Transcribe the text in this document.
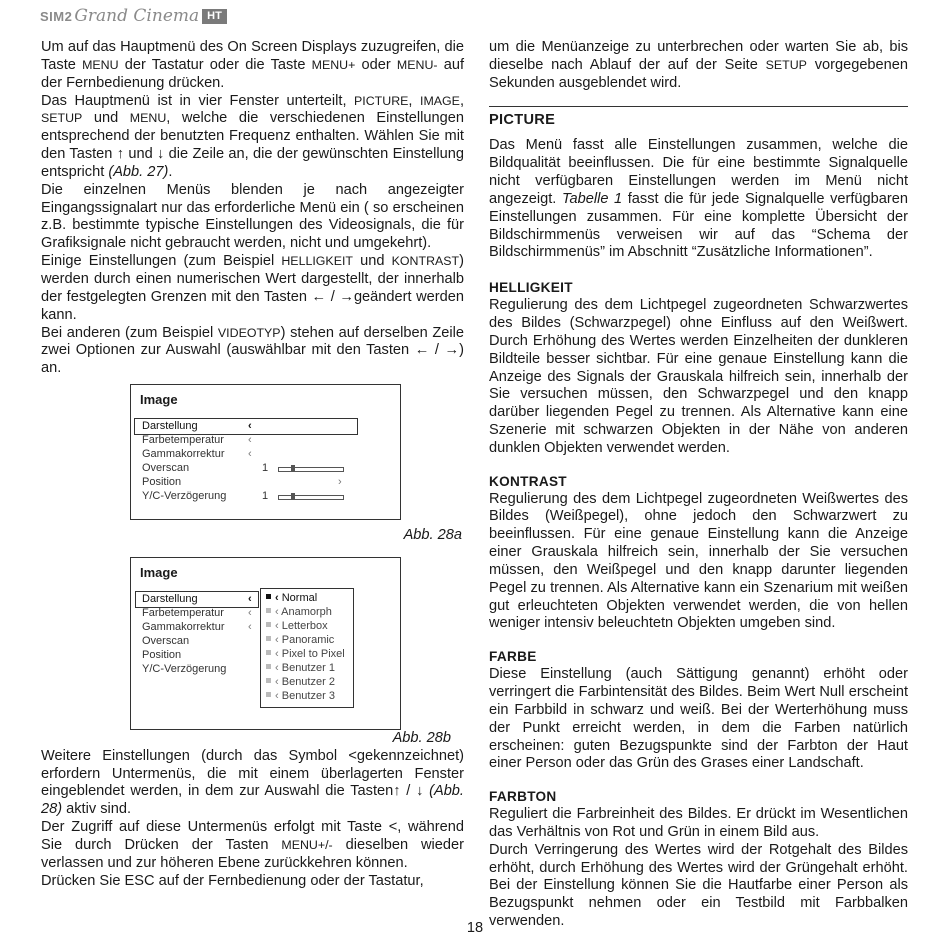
SIM2 Grand Cinema HT

Um auf das Hauptmenü des On Screen Displays zuzugreifen, die Taste MENU der Tastatur oder die Taste MENU+ oder MENU- auf der Fernbedienung drücken.

Das Hauptmenü ist in vier Fenster unterteilt, PICTURE, IMAGE, SETUP und MENU, welche die verschiedenen Einstellungen entsprechend der benutzten Frequenz enthalten. Wählen Sie mit den Tasten ↑ und ↓ die Zeile an, die der gewünschten Einstellung entspricht (Abb. 27).

Die einzelnen Menüs blenden je nach angezeigter Eingangssignalart nur das erforderliche Menü ein ( so erscheinen z.B. bestimmte typische Einstellungen des Videosignals, die für Grafiksignale nicht gebraucht werden, nicht und umgekehrt).

Einige Einstellungen (zum Beispiel HELLIGKEIT und KONTRAST) werden durch einen numerischen Wert dargestellt, der innerhalb der festgelegten Grenzen mit den Tasten ← / →geändert werden kann.

Bei anderen (zum Beispiel VIDEOTYP) stehen auf derselben Zeile zwei Optionen zur Auswahl (auswählbar mit den Tasten ← / →) an.

Image
Darstellung	‹
Farbetemperatur ‹
Gammakorrektur ‹
Overscan	1
Position	›
Y/C-Verzögerung	1
Abb. 28a
Image
Darstellung	‹
Farbetemperatur ‹
Gammakorrektur ‹
Overscan
Position
Y/C-Verzögerung
‹ Normal
‹ Anamorph
‹ Letterbox
‹ Panoramic
‹ Pixel to Pixel
‹ Benutzer 1
‹ Benutzer 2
‹ Benutzer 3
Abb. 28b

Weitere Einstellungen (durch das Symbol <gekennzeichnet) erfordern Untermenüs, die mit einem überlagerten Fenster eingeblendet werden, in dem zur Auswahl die Tasten↑ / ↓ (Abb. 28) aktiv sind.

Der Zugriff auf diese Untermenüs erfolgt mit Taste <, während Sie durch Drücken der Tasten MENU+/- dieselben wieder verlassen und zur höheren Ebene zurückkehren können.

Drücken Sie ESC auf der Fernbedienung oder der Tastatur,

um die Menüanzeige zu unterbrechen oder warten Sie ab, bis dieselbe nach Ablauf der auf der Seite SETUP vorgegebenen Sekunden ausgeblendet wird.

PICTURE

Das Menü fasst alle Einstellungen zusammen, welche die Bildqualität beeinflussen. Die für eine bestimmte Signalquelle nicht verfügbaren Einstellungen werden im Menü nicht angezeigt. Tabelle 1 fasst die für jede Signalquelle verfügbaren Einstellungen zusammen. Für eine komplette Übersicht der Bildschirmmenüs verweisen wir auf das “Schema der Bildschirmmenüs” im Abschnitt “Zusätzliche Informationen”.

HELLIGKEIT

Regulierung des dem Lichtpegel zugeordneten Schwarzwertes des Bildes (Schwarzpegel) ohne Einfluss auf den Weißwert. Durch Erhöhung des Wertes werden Einzelheiten der dunkleren Bildteile besser sichtbar. Für eine genaue Einstellung kann die Anzeige des Signals der Grauskala hilfreich sein, innerhalb der Sie versuchen müssen, den Schwarzpegel und den knapp darüber liegenden Pegel zu trennen. Als Alternative kann eine Szenerie mit schwarzen Objekten in der Nähe von anderen dunklen Objekten verwendet werden.

KONTRAST

Regulierung des dem Lichtpegel zugeordneten Weißwertes des Bildes (Weißpegel), ohne jedoch den Schwarzwert zu beeinflussen. Für eine genaue Einstellung kann die Anzeige einer Grauskala hilfreich sein, innerhalb der Sie versuchen müssen, den Weißpegel und den knapp darunter liegenden Pegel zu trennen. Als Alternative kann ein Szenarium mit weißen gut erleuchteten Objekten verwendet werden, die von hellen weniger intensiv beleuchtetn Objekten umgeben sind.

FARBE

Diese Einstellung (auch Sättigung genannt) erhöht oder verringert die Farbintensität des Bildes. Beim Wert Null erscheint ein Farbbild in schwarz und weiß. Bei der Werterhöhung muss der Punkt erreicht werden, in dem die Farben natürlich erscheinen: guten Bezugspunkte sind der Farbton der Haut einer Person oder das Grün des Grases einer Landschaft.

FARBTON

Reguliert die Farbreinheit des Bildes. Er drückt im Wesentlichen das Verhältnis von Rot und Grün in einem Bild aus.

Durch Verringerung des Wertes wird der Rotgehalt des Bildes erhöht, durch Erhöhung des Wertes wird der Grüngehalt erhöht. Bei der Einstellung können Sie die Hautfarbe einer Person als Bezugspunkt nehmen oder ein Testbild mit Farbbalken verwenden.

18
